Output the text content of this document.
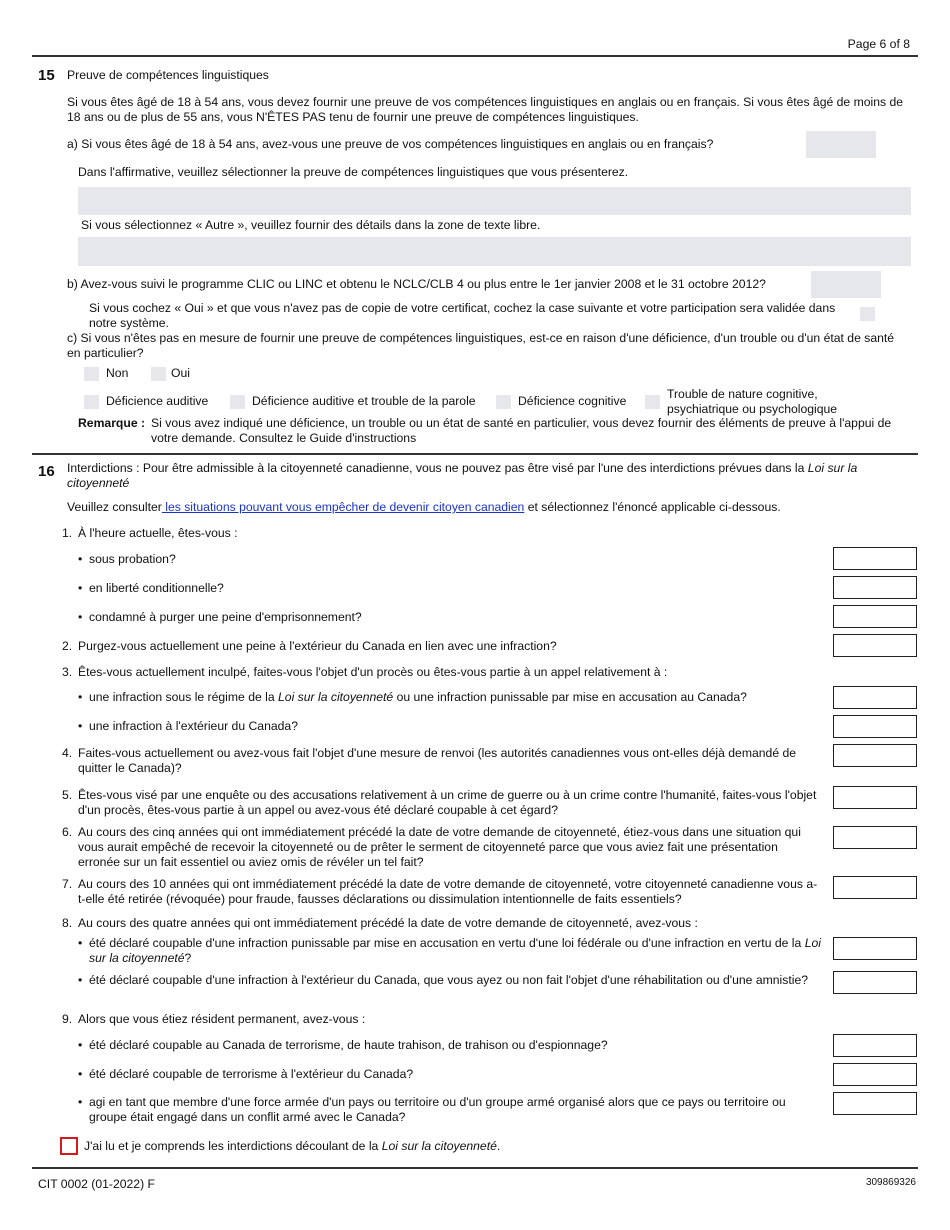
Page 6 of 8
15 Preuve de compétences linguistiques
Si vous êtes âgé de 18 à 54 ans, vous devez fournir une preuve de vos compétences linguistiques en anglais ou en français. Si vous êtes âgé de moins de 18 ans ou de plus de 55 ans, vous N'ÊTES PAS tenu de fournir une preuve de compétences linguistiques.
a) Si vous êtes âgé de 18 à 54 ans, avez-vous une preuve de vos compétences linguistiques en anglais ou en français?
Dans l'affirmative, veuillez sélectionner la preuve de compétences linguistiques que vous présenterez.
Si vous sélectionnez « Autre », veuillez fournir des détails dans la zone de texte libre.
b) Avez-vous suivi le programme CLIC ou LINC et obtenu le NCLC/CLB 4 ou plus entre le 1er janvier 2008 et le 31 octobre 2012?
Si vous cochez « Oui » et que vous n'avez pas de copie de votre certificat, cochez la case suivante et votre participation sera validée dans notre système.
c) Si vous n'êtes pas en mesure de fournir une preuve de compétences linguistiques, est-ce en raison d'une déficience, d'un trouble ou d'un état de santé en particulier?
Non	Oui
Déficience auditive	Déficience auditive et trouble de la parole	Déficience cognitive	Trouble de nature cognitive, psychiatrique ou psychologique
Remarque : Si vous avez indiqué une déficience, un trouble ou un état de santé en particulier, vous devez fournir des éléments de preuve à l'appui de votre demande. Consultez le Guide d'instructions
16 Interdictions : Pour être admissible à la citoyenneté canadienne, vous ne pouvez pas être visé par l'une des interdictions prévues dans la Loi sur la citoyenneté
Veuillez consulter les situations pouvant vous empêcher de devenir citoyen canadien et sélectionnez l'énoncé applicable ci-dessous.
1. À l'heure actuelle, êtes-vous :
• sous probation?
• en liberté conditionnelle?
• condamné à purger une peine d'emprisonnement?
2. Purgez-vous actuellement une peine à l'extérieur du Canada en lien avec une infraction?
3. Êtes-vous actuellement inculpé, faites-vous l'objet d'un procès ou êtes-vous partie à un appel relativement à :
• une infraction sous le régime de la Loi sur la citoyenneté ou une infraction punissable par mise en accusation au Canada?
• une infraction à l'extérieur du Canada?
4. Faites-vous actuellement ou avez-vous fait l'objet d'une mesure de renvoi (les autorités canadiennes vous ont-elles déjà demandé de quitter le Canada)?
5. Êtes-vous visé par une enquête ou des accusations relativement à un crime de guerre ou à un crime contre l'humanité, faites-vous l'objet d'un procès, êtes-vous partie à un appel ou avez-vous été déclaré coupable à cet égard?
6. Au cours des cinq années qui ont immédiatement précédé la date de votre demande de citoyenneté, étiez-vous dans une situation qui vous aurait empêché de recevoir la citoyenneté ou de prêter le serment de citoyenneté parce que vous aviez fait une présentation erronée sur un fait essentiel ou aviez omis de révéler un tel fait?
7. Au cours des 10 années qui ont immédiatement précédé la date de votre demande de citoyenneté, votre citoyenneté canadienne vous a-t-elle été retirée (révoquée) pour fraude, fausses déclarations ou dissimulation intentionnelle de faits essentiels?
8. Au cours des quatre années qui ont immédiatement précédé la date de votre demande de citoyenneté, avez-vous :
• été déclaré coupable d'une infraction punissable par mise en accusation en vertu d'une loi fédérale ou d'une infraction en vertu de la Loi sur la citoyenneté?
• été déclaré coupable d'une infraction à l'extérieur du Canada, que vous ayez ou non fait l'objet d'une réhabilitation ou d'une amnistie?
9. Alors que vous étiez résident permanent, avez-vous :
• été déclaré coupable au Canada de terrorisme, de haute trahison, de trahison ou d'espionnage?
• été déclaré coupable de terrorisme à l'extérieur du Canada?
• agi en tant que membre d'une force armée d'un pays ou territoire ou d'un groupe armé organisé alors que ce pays ou territoire ou groupe était engagé dans un conflit armé avec le Canada?
J'ai lu et je comprends les interdictions découlant de la Loi sur la citoyenneté.
CIT 0002 (01-2022) F	309869326
